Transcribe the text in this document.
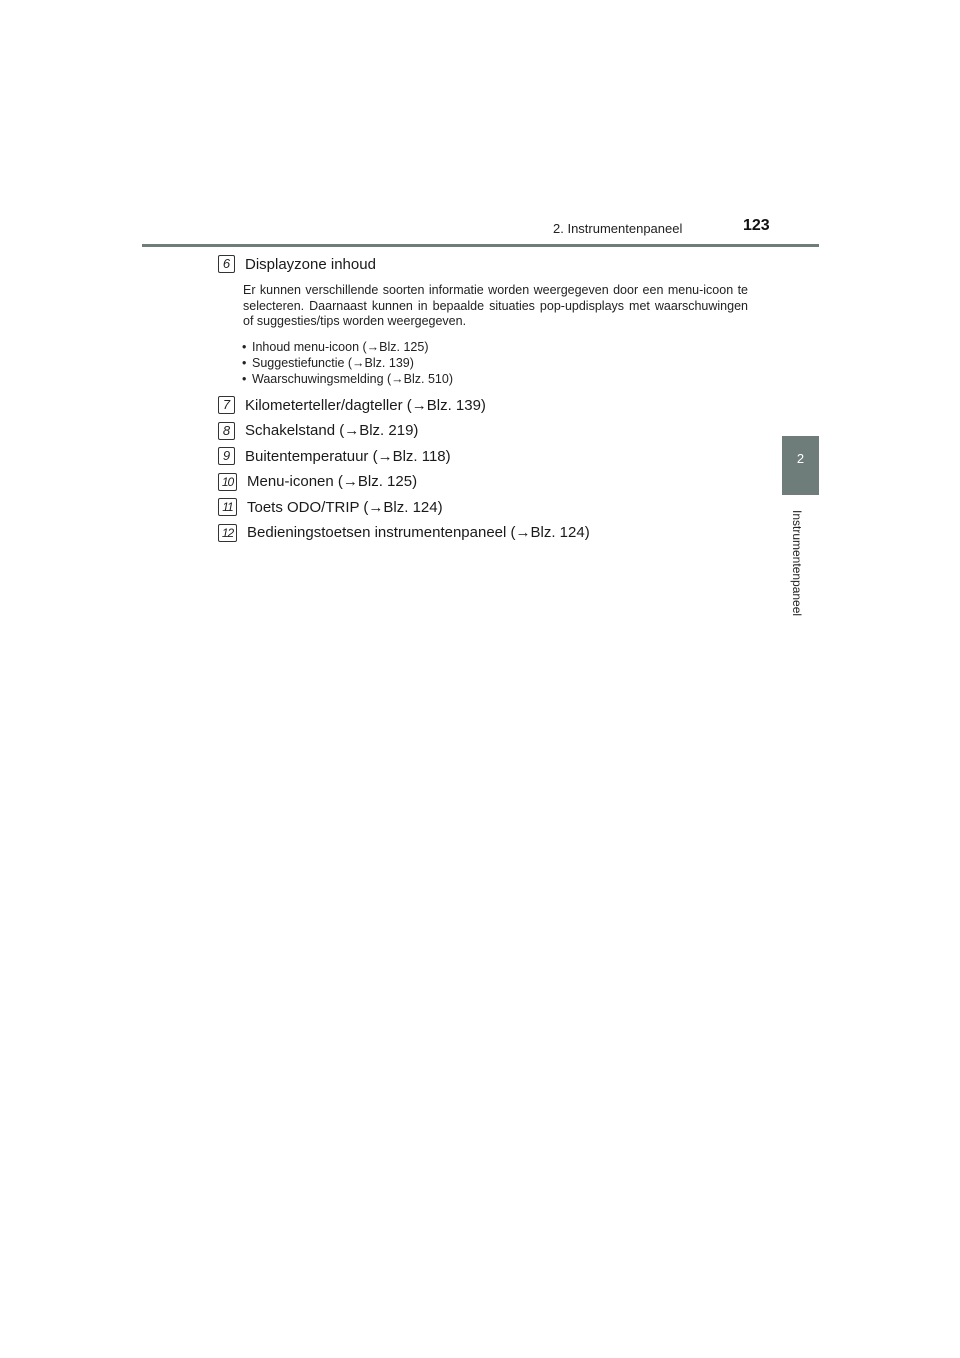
2. Instrumentenpaneel	123
2
Instrumentenpaneel
6 Displayzone inhoud
Er kunnen verschillende soorten informatie worden weergegeven door een menu-icoon te selecteren. Daarnaast kunnen in bepaalde situaties pop-updisplays met waarschuwingen of suggesties/tips worden weergegeven.
• Inhoud menu-icoon (→Blz. 125)
• Suggestiefunctie (→Blz. 139)
• Waarschuwingsmelding (→Blz. 510)
7 Kilometerteller/dagteller (→Blz. 139)
8 Schakelstand (→Blz. 219)
9 Buitentemperatuur (→Blz. 118)
10 Menu-iconen (→Blz. 125)
11 Toets ODO/TRIP (→Blz. 124)
12 Bedieningstoetsen instrumentenpaneel (→Blz. 124)
